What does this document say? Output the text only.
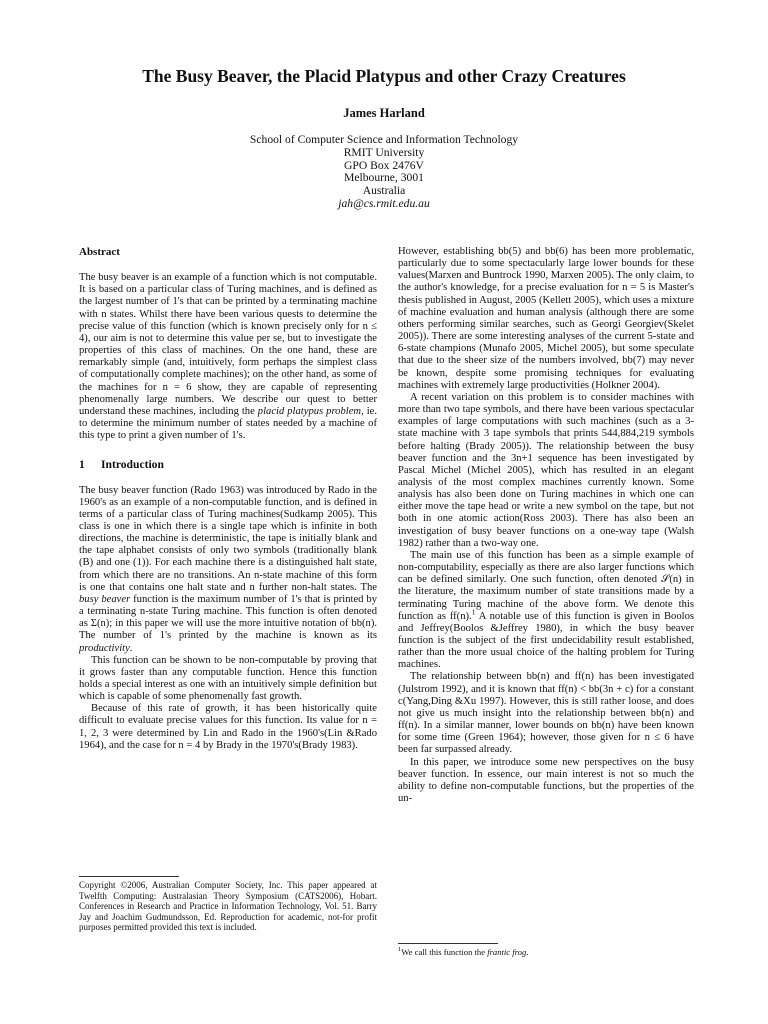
The Busy Beaver, the Placid Platypus and other Crazy Creatures
James Harland
School of Computer Science and Information Technology
RMIT University
GPO Box 2476V
Melbourne, 3001
Australia
jah@cs.rmit.edu.au
Abstract

The busy beaver is an example of a function which is not computable. It is based on a particular class of Turing machines, and is defined as the largest number of 1's that can be printed by a terminating machine with n states. Whilst there have been various quests to determine the precise value of this function (which is known precisely only for n ≤ 4), our aim is not to determine this value per se, but to investigate the properties of this class of machines. On the one hand, these are remarkably simple (and, intuitively, form perhaps the simplest class of computationally complete machines); on the other hand, as some of the machines for n = 6 show, they are capable of representing phenomenally large numbers. We describe our quest to better understand these machines, including the placid platypus problem, ie. to determine the minimum number of states needed by a machine of this type to print a given number of 1's.

1 Introduction

The busy beaver function (Rado 1963) was introduced by Rado in the 1960's as an example of a non-computable function, and is defined in terms of a particular class of Turing machines(Sudkamp 2005). This class is one in which there is a single tape which is infinite in both directions, the machine is deterministic, the tape is initially blank and the tape alphabet consists of only two symbols (traditionally blank (B) and one (1)). For each machine there is a distinguished halt state, from which there are no transitions. An n-state machine of this form is one that contains one halt state and n further non-halt states. The busy beaver function is the maximum number of 1's that is printed by a terminating n-state Turing machine. This function is often denoted as Σ(n); in this paper we will use the more intuitive notation of bb(n). The number of 1's printed by the machine is known as its productivity.

This function can be shown to be non-computable by proving that it grows faster than any computable function. Hence this function holds a special interest as one with an intuitively simple definition but which is capable of some phenomenally fast growth.

Because of this rate of growth, it has been historically quite difficult to evaluate precise values for this function. Its value for n = 1, 2, 3 were determined by Lin and Rado in the 1960's(Lin &Rado 1964), and the case for n = 4 by Brady in the 1970's(Brady 1983).

Copyright ©2006, Australian Computer Society, Inc. This paper appeared at Twelfth Computing: Australasian Theory Symposium (CATS2006), Hobart. Conferences in Research and Practice in Information Technology, Vol. 51. Barry Jay and Joachim Gudmundsson, Ed. Reproduction for academic, not-for profit purposes permitted provided this text is included.

However, establishing bb(5) and bb(6) has been more problematic, particularly due to some spectacularly large lower bounds for these values(Marxen and Buntrock 1990, Marxen 2005). The only claim, to the author's knowledge, for a precise evaluation for n = 5 is Master's thesis published in August, 2005 (Kellett 2005), which uses a mixture of machine evaluation and human analysis (although there are some others performing similar searches, such as Georgi Georgiev(Skelet 2005)). There are some interesting analyses of the current 5-state and 6-state champions (Munafo 2005, Michel 2005), but some speculate that due to the sheer size of the numbers involved, bb(7) may never be known, despite some promising techniques for evaluating machines with extremely large productivities (Holkner 2004).

A recent variation on this problem is to consider machines with more than two tape symbols, and there have been various spectacular examples of large computations with such machines (such as a 3-state machine with 3 tape symbols that prints 544,884,219 symbols before halting (Brady 2005)). The relationship between the busy beaver function and the 3n+1 sequence has been investigated by Pascal Michel (Michel 2005), which has resulted in an elegant analysis of the most complex machines currently known. Some analysis has also been done on Turing machines in which one can either move the tape head or write a new symbol on the tape, but not both in one atomic action(Ross 2003). There has also been an investigation of busy beaver functions on a one-way tape (Walsh 1982) rather than a two-way one.

The main use of this function has been as a simple example of non-computability, especially as there are also larger functions which can be defined similarly. One such function, often denoted 𝒮(n) in the literature, the maximum number of state transitions made by a terminating Turing machine of the above form. We denote this function as ff(n).$^1$ A notable use of this function is given in Boolos and Jeffrey(Boolos &Jeffrey 1980), in which the busy beaver function is the subject of the first undecidability result established, rather than the more usual choice of the halting problem for Turing machines.

The relationship between bb(n) and ff(n) has been investigated (Julstrom 1992), and it is known that ff(n) < bb(3n + c) for a constant c(Yang,Ding &Xu 1997). However, this is still rather loose, and does not give us much insight into the relationship between bb(n) and ff(n). In a similar manner, lower bounds on bb(n) have been known for some time (Green 1964); however, those given for n ≤ 6 have been far surpassed already.

In this paper, we introduce some new perspectives on the busy beaver function. In essence, our main interest is not so much the ability to define non-computable functions, but the properties of the un-

$^1$We call this function the frantic frog.
